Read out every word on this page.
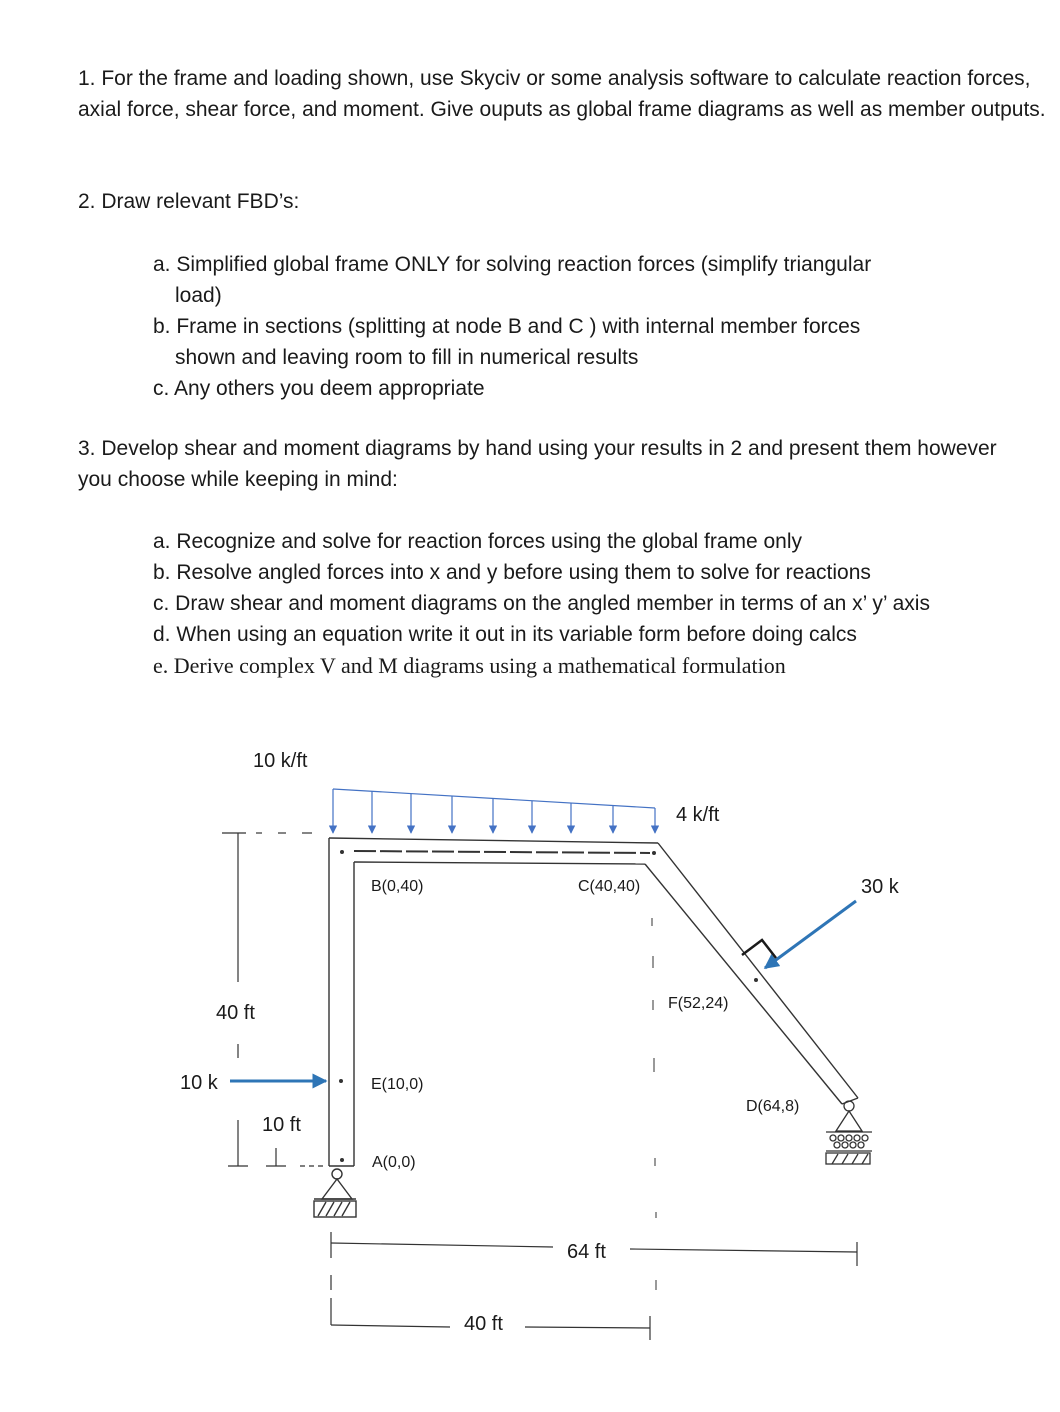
1. For the frame and loading shown, use Skyciv or some analysis software to calculate reaction forces, axial force, shear force, and moment. Give ouputs as global frame diagrams as well as member outputs.

2. Draw relevant FBD’s:

a. Simplified global frame ONLY for solving reaction forces (simplify triangular

load)
b. Frame in sections (splitting at node B and C ) with internal member forces

shown and leaving room to fill in numerical results
c. Any others you deem appropriate

3. Develop shear and moment diagrams by hand using your results in 2 and present them however you choose while keeping in mind:

a. Recognize and solve for reaction forces using the global frame only
b. Resolve angled forces into x and y before using them to solve for reactions
c. Draw shear and moment diagrams on the angled member in terms of an x’ y’ axis
d. When using an equation write it out in its variable form before doing calcs
e. Derive complex V and M diagrams using a mathematical formulation
10 k/ft
4 k/ft
30 k
10 k
40 ft
10 ft
64 ft
40 ft
B(0,40)	C(40,40)
F(52,24)
E(10,0)
D(64,8)
A(0,0)
